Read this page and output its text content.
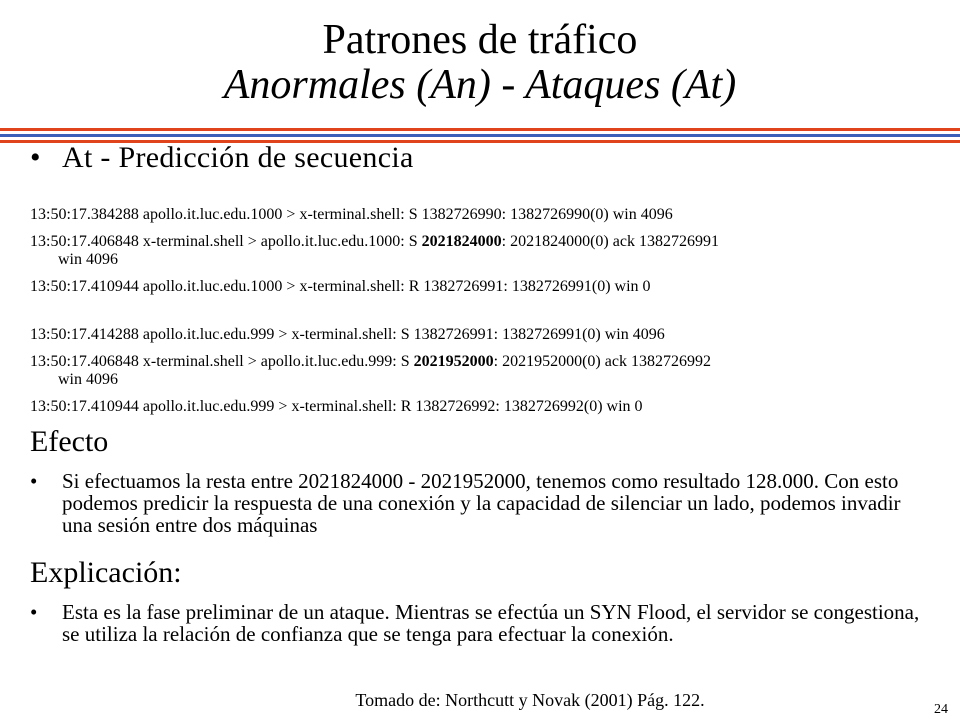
Patrones de tráfico
Anormales (An) - Ataques (At)
• At - Predicción de secuencia
13:50:17.384288 apollo.it.luc.edu.1000 > x-terminal.shell: S 1382726990: 1382726990(0) win 4096
13:50:17.406848 x-terminal.shell > apollo.it.luc.edu.1000: S 2021824000: 2021824000(0) ack 1382726991
win 4096
13:50:17.410944 apollo.it.luc.edu.1000 > x-terminal.shell: R 1382726991: 1382726991(0) win 0
13:50:17.414288 apollo.it.luc.edu.999 > x-terminal.shell: S 1382726991: 1382726991(0) win 4096
13:50:17.406848 x-terminal.shell > apollo.it.luc.edu.999: S 2021952000: 2021952000(0) ack 1382726992
win 4096
13:50:17.410944 apollo.it.luc.edu.999 > x-terminal.shell: R 1382726992: 1382726992(0) win 0
Efecto
•	Si efectuamos la resta entre 2021824000 - 2021952000, tenemos como resultado 128.000. Con esto podemos predicir la respuesta de una conexión y la capacidad de silenciar un lado, podemos invadir una sesión entre dos máquinas
Explicación:
•	Esta es la fase preliminar de un ataque. Mientras se efectúa un SYN Flood, el servidor se congestiona, se utiliza la relación de confianza que se tenga para efectuar la conexión.
Tomado de: Northcutt y Novak (2001) Pág. 122.	24
